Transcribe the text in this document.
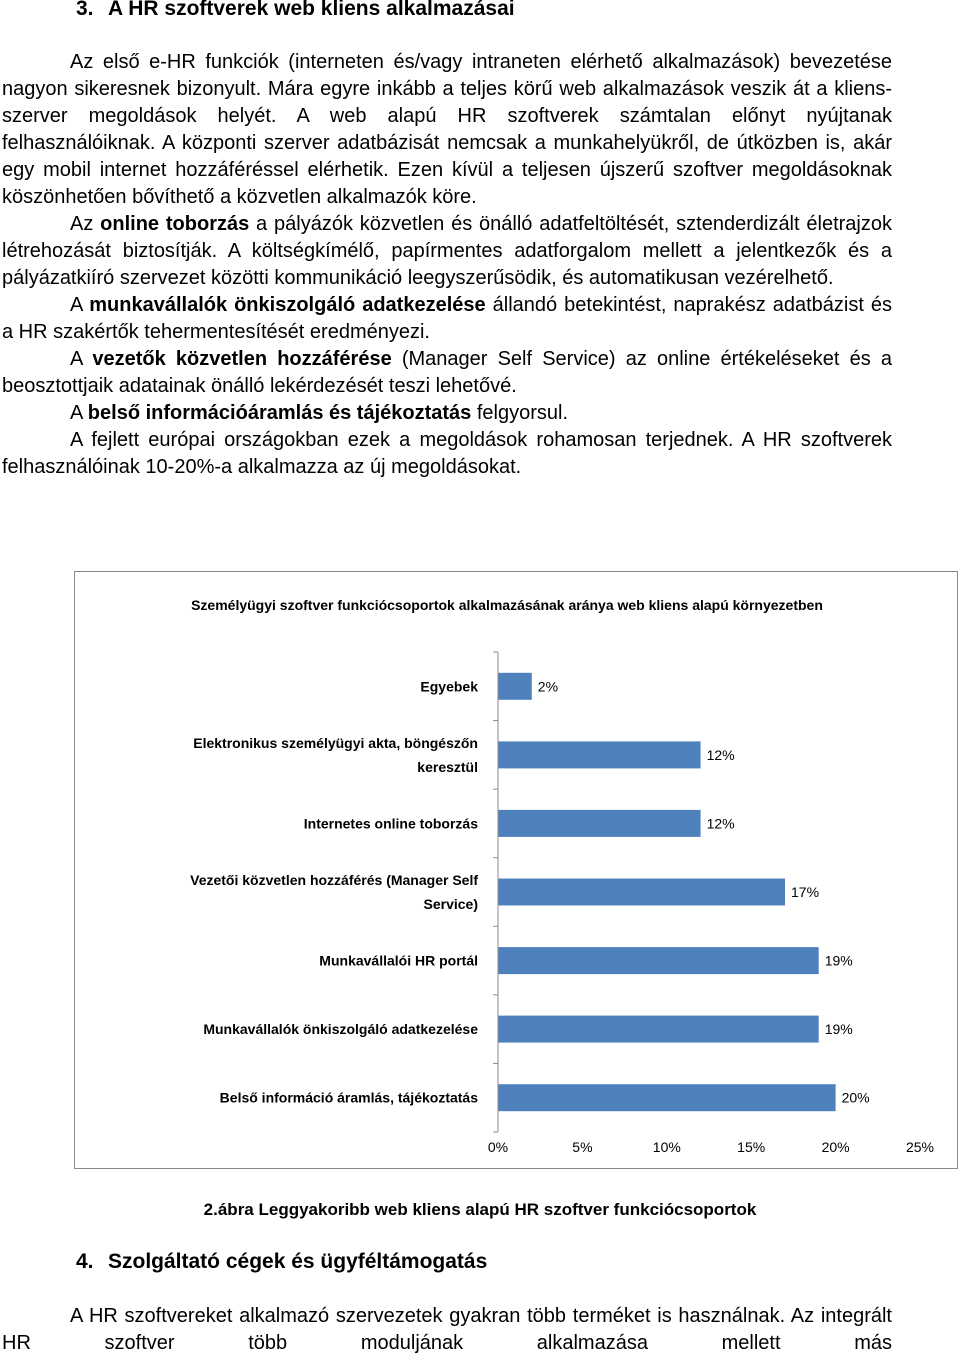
3. A HR szoftverek web kliens alkalmazásai

Az első e-HR funkciók (interneten és/vagy intraneten elérhető alkalmazások) bevezetése nagyon sikeresnek bizonyult. Mára egyre inkább a teljes körű web alkalmazások veszik át a kliens-szerver megoldások helyét. A web alapú HR szoftverek számtalan előnyt nyújtanak felhasználóiknak. A központi szerver adatbázisát nemcsak a munkahelyükről, de útközben is, akár egy mobil internet hozzáféréssel elérhetik. Ezen kívül a teljesen újszerű szoftver megoldásoknak köszönhetően bővíthető a közvetlen alkalmazók köre.

Az online toborzás a pályázók közvetlen és önálló adatfeltöltését, sztenderdizált életrajzok létrehozását biztosítják. A költségkímélő, papírmentes adatforgalom mellett a jelentkezők és a pályázatkiíró szervezet közötti kommunikáció leegyszerűsödik, és automatikusan vezérelhető.

A munkavállalók önkiszolgáló adatkezelése állandó betekintést, naprakész adatbázist és a HR szakértők tehermentesítését eredményezi.

A vezetők közvetlen hozzáférése (Manager Self Service) az online értékeléseket és a beosztottjaik adatainak önálló lekérdezését teszi lehetővé.

A belső információáramlás és tájékoztatás felgyorsul.

A fejlett európai országokban ezek a megoldások rohamosan terjednek. A HR szoftverek felhasználóinak 10-20%-a alkalmazza az új megoldásokat.

Személyügyi szoftver funkciócsoportok alkalmazásának aránya web kliens alapú környezetben
2%
Egyebek
12%
Elektronikus személyügyi akta, böngészőn
keresztül
12%
Internetes online toborzás
17%
Vezetői közvetlen hozzáférés (Manager Self
Service)
19%
Munkavállalói HR portál
19%
Munkavállalók önkiszolgáló adatkezelése
20%
Belső információ áramlás, tájékoztatás
0%	5%	10%	15%	20%	25%
2.ábra Leggyakoribb web kliens alapú HR szoftver funkciócsoportok
4. Szolgáltató cégek és ügyféltámogatás

A HR szoftvereket alkalmazó szervezetek gyakran több terméket is használnak. Az integrált HR szoftver több moduljának alkalmazása mellett más
